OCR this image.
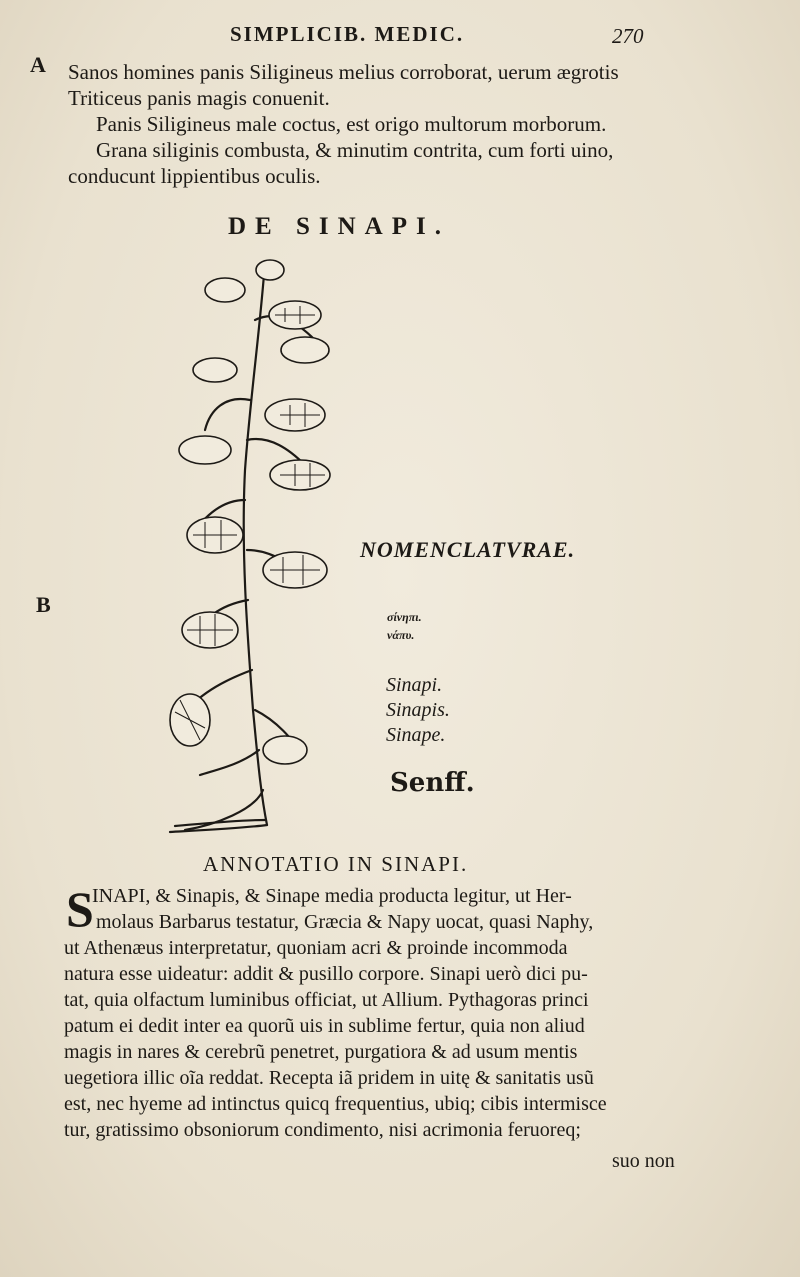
SIMPLICIB. MEDIC.	270
A
B
Sanos homines panis Siligineus melius corroborat, uerum ægrotis
Triticeus panis magis conuenit.
Panis Siligineus male coctus, est origo multorum morborum.
Grana siliginis combusta, & minutim contrita, cum forti uino,
conducunt lippientibus oculis.
DE SINAPI.
NOMENCLATVRAE.
σίνηπι.
νάπυ.
Sinapi.
Sinapis.
Sinape.
Senff.
ANNOTATIO IN SINAPI.
S
INAPI, & Sinapis, & Sinape media producta legitur, ut Her-
molaus Barbarus testatur, Græcia & Napy uocat, quasi Naphy,
ut Athenæus interpretatur, quoniam acri & proinde incommoda
natura esse uideatur: addit & pusillo corpore. Sinapi uerò dici pu-
tat, quia olfactum luminibus officiat, ut Allium. Pythagoras princi
patum ei dedit inter ea quorũ uis in sublime fertur, quia non aliud
magis in nares & cerebrũ penetret, purgatiora & ad usum mentis
uegetiora illic oĩa reddat. Recepta iã pridem in uitę & sanitatis usũ
est, nec hyeme ad intinctus quicq frequentius, ubiq; cibis intermisce
tur, gratissimo obsoniorum condimento, nisi acrimonia feruoreq;
suo non
